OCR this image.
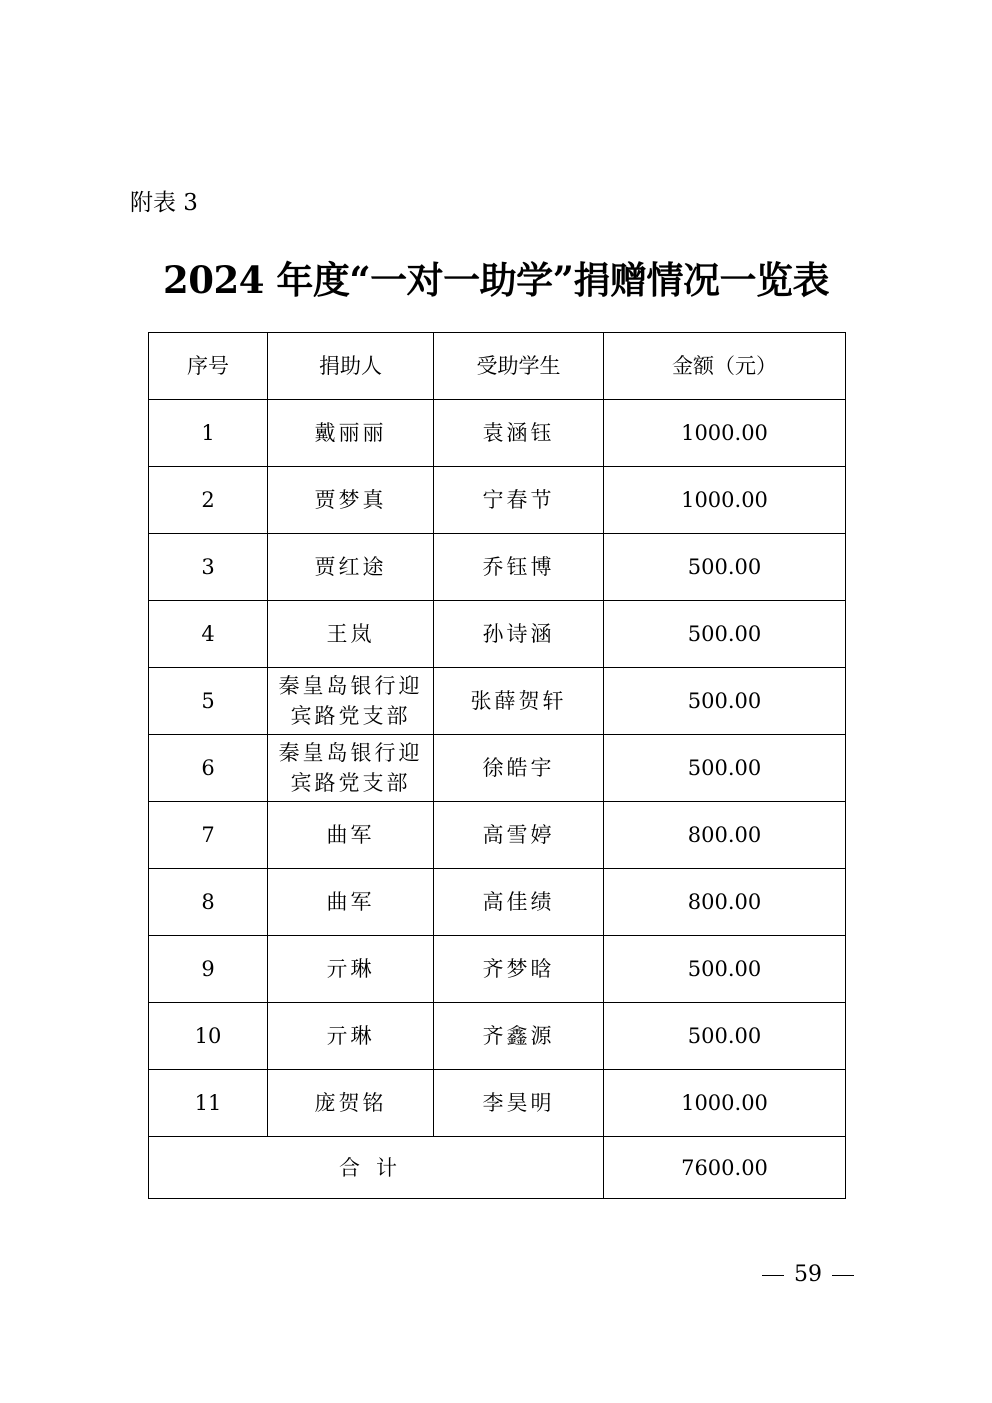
附表 3
2024 年度“一对一助学”捐赠情况一览表
序号	捐助人	受助学生	金额（元）
1	戴丽丽	袁涵钰	1000.00
2	贾梦真	宁春节	1000.00
3	贾红途	乔钰博	500.00
4	王岚	孙诗涵	500.00
5	秦皇岛银行迎宾路党支部	张薛贺轩	500.00
6	秦皇岛银行迎宾路党支部	徐皓宇	500.00
7	曲军	高雪婷	800.00
8	曲军	高佳绩	800.00
9	亓琳	齐梦晗	500.00
10	亓琳	齐鑫源	500.00
11	庞贺铭	李昊明	1000.00
合计			7600.00
59
